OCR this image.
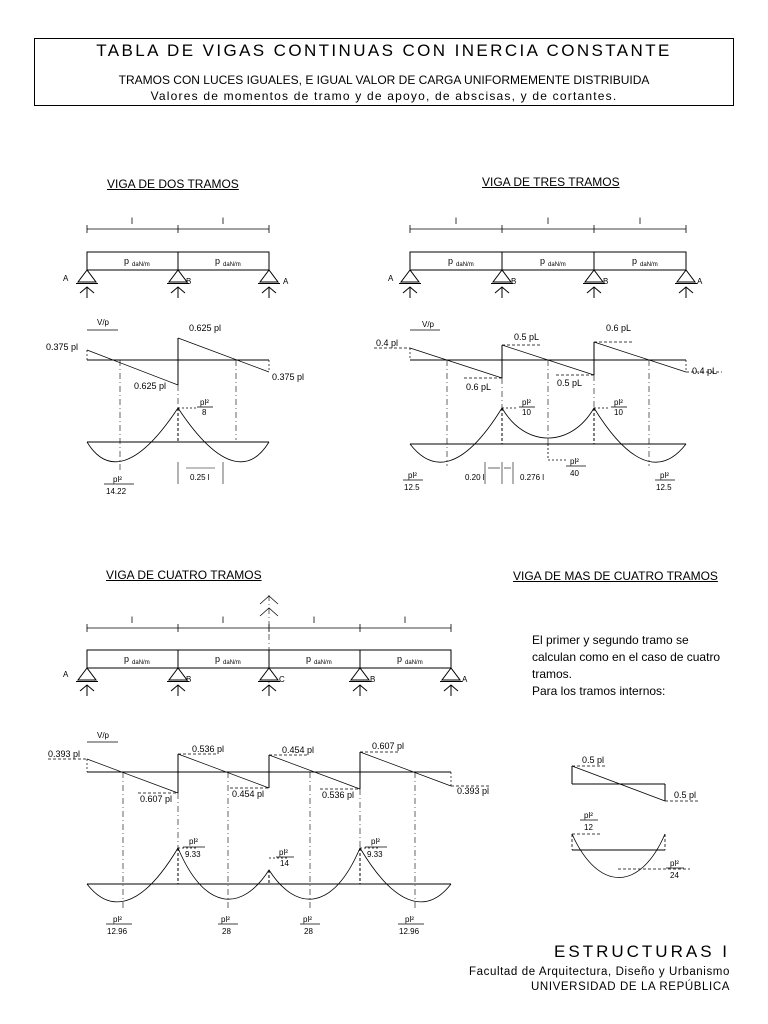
TABLA DE VIGAS CONTINUAS CON INERCIA CONSTANTE
TRAMOS CON LUCES IGUALES, E IGUAL VALOR DE CARGA UNIFORMEMENTE DISTRIBUIDA
Valores de momentos de tramo y de apoyo, de abscisas, y de cortantes.
VIGA DE DOS TRAMOS	VIGA DE TRES TRAMOS
VIGA DE CUATRO TRAMOS	VIGA DE MAS DE CUATRO TRAMOS

El primer y segundo tramo se calculan como en el caso de cuatro tramos.
Para los tramos internos:

l	l
p $_{daN/m}$	p $_{daN/m}$
A	B	A
V/p
0.375 pl
0.625 pl
0.625 pl
0.375 pl
pl²
8
pl²
14.22
0.25 l
l	l	l
p $_{daN/m}$	p $_{daN/m}$	p $_{daN/m}$
A	B	B	A
V/p
0.4 pl
0.6 pL
0.5 pL
0.5 pL
0.6 pL
0.4 pL
pl²
10
pl²
10
pl²
40
pl²
12.5
pl²
12.5
0.20 l	0.276 l
l	l	l	l
p $_{daN/m}$	p $_{daN/m}$	p $_{daN/m}$	p $_{daN/m}$
A
B	C	B	A
V/p
0.393 pl
0.607 pl
0.536 pl
0.454 pl
0.454 pl
0.536 pl
0.607 pl
0.393 pl
pl²
9.33	pl²
14
pl²
9.33
pl²
12.96
pl²
28
pl²
28
pl²
12.96
0.5 pl
0.5 pl
pl²
12
pl²
24
ESTRUCTURAS I
Facultad de Arquitectura, Diseño y Urbanismo
UNIVERSIDAD DE LA REPÚBLICA
